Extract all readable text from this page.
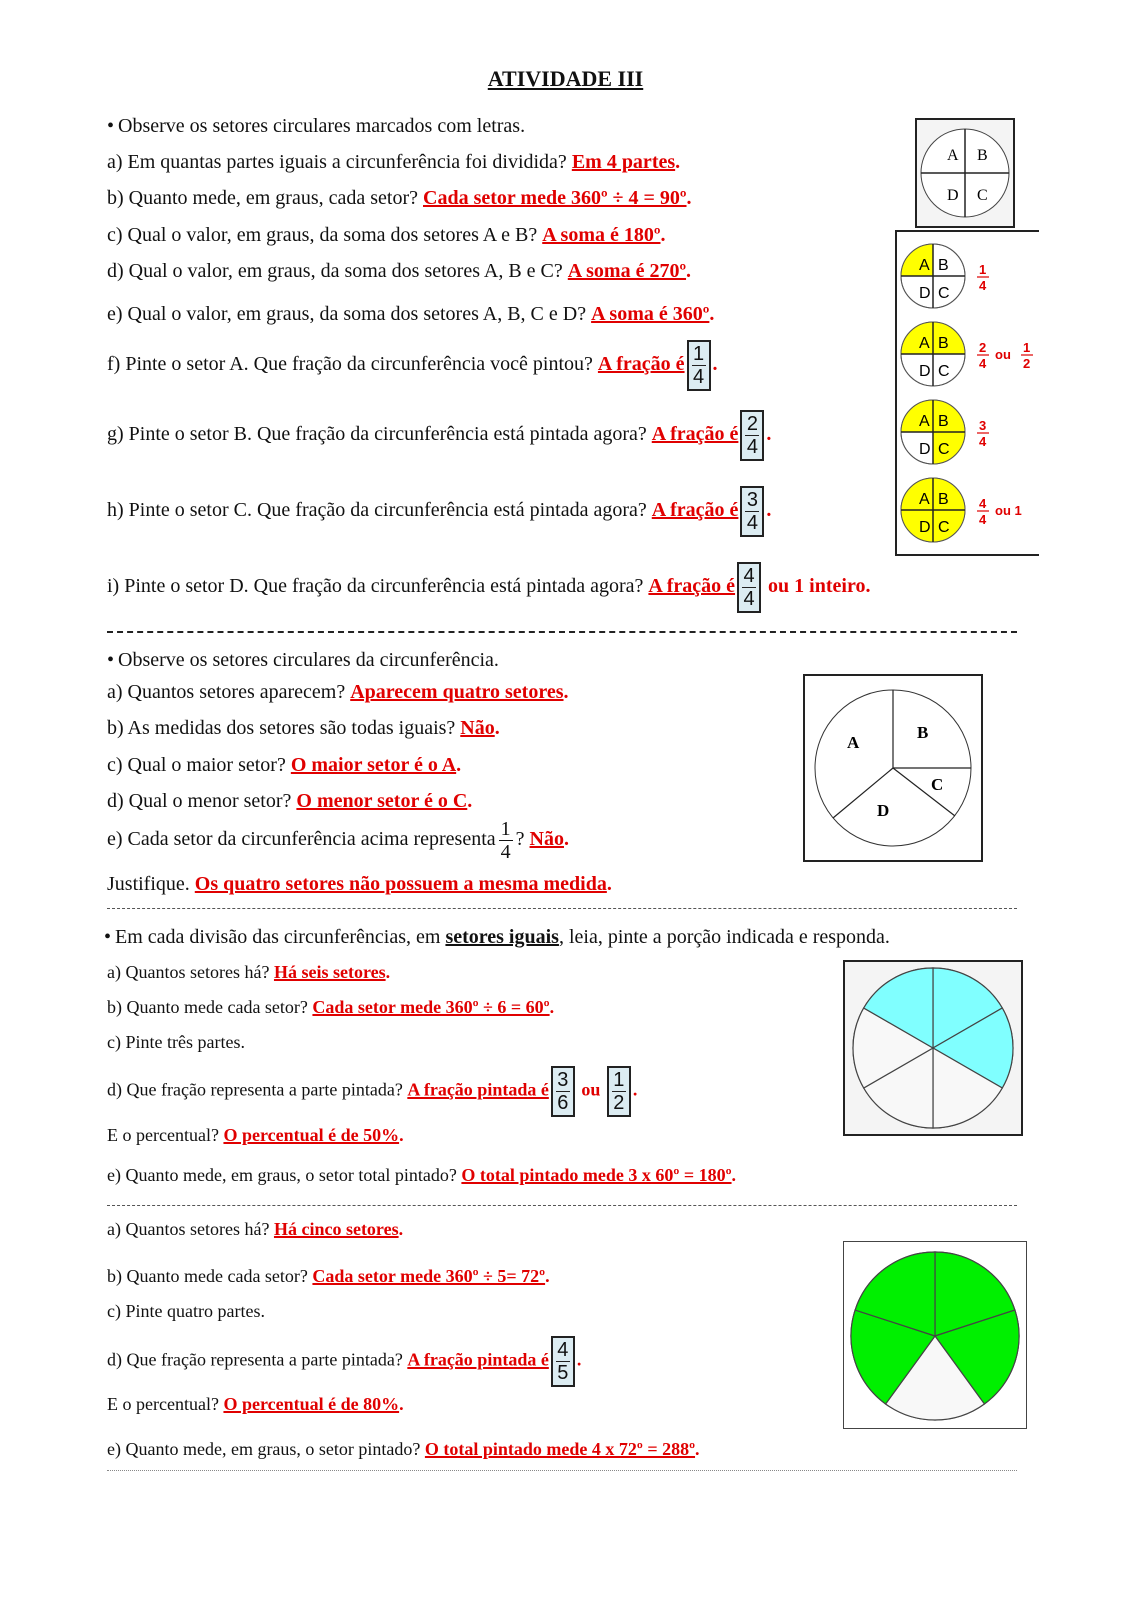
ATIVIDADE III
• Observe os setores circulares marcados com letras.
a) Em quantas partes iguais a circunferência foi dividida? Em 4 partes.
b) Quanto mede, em graus, cada setor? Cada setor mede 360º ÷ 4 = 90º.
c) Qual o valor, em graus, da soma dos setores A e B? A soma é 180º.
d) Qual o valor, em graus, da soma dos setores A, B e C? A soma é 270º.
e) Qual o valor, em graus, da soma dos setores A, B, C e D? A soma é 360º.
f) Pinte o setor A. Que fração da circunferência você pintou? A fração é $\frac{1}{4}$ .
g) Pinte o setor B. Que fração da circunferência está pintada agora? A fração é $\frac{2}{4}$ .
h) Pinte o setor C. Que fração da circunferência está pintada agora? A fração é $\frac{3}{4}$ .
i) Pinte o setor D. Que fração da circunferência está pintada agora? A fração é $\frac{4}{4}$ ou 1 inteiro.
A B
C
D
A B
C
D
1
4
A B
C
D
2
4
ou 1
2
A B
C
D
3
4
A B
C
D
4
4
ou 1
• Observe os setores circulares da circunferência.
a) Quantos setores aparecem? Aparecem quatro setores.
b) As medidas dos setores são todas iguais? Não.
c) Qual o maior setor? O maior setor é o A.
d) Qual o menor setor? O menor setor é o C.
e) Cada setor da circunferência acima representa $\frac{1}{4}$ ? Não.
Justifique. Os quatro setores não possuem a mesma medida.
A
B
C
D
• Em cada divisão das circunferências, em setores iguais, leia, pinte a porção indicada e responda.
a) Quantos setores há? Há seis setores.
b) Quanto mede cada setor? Cada setor mede 360º ÷ 6 = 60º.
c) Pinte três partes.
d) Que fração representa a parte pintada? A fração pintada é $\frac{3}{6}$ ou $\frac{1}{2}$ .
E o percentual? O percentual é de 50%.
e) Quanto mede, em graus, o setor total pintado? O total pintado mede 3 x 60º = 180º.
a) Quantos setores há? Há cinco setores.
b) Quanto mede cada setor? Cada setor mede 360º ÷ 5= 72º.
c) Pinte quatro partes.
d) Que fração representa a parte pintada? A fração pintada é $\frac{4}{5}$ .
E o percentual? O percentual é de 80%.
e) Quanto mede, em graus, o setor pintado? O total pintado mede 4 x 72º = 288º.
